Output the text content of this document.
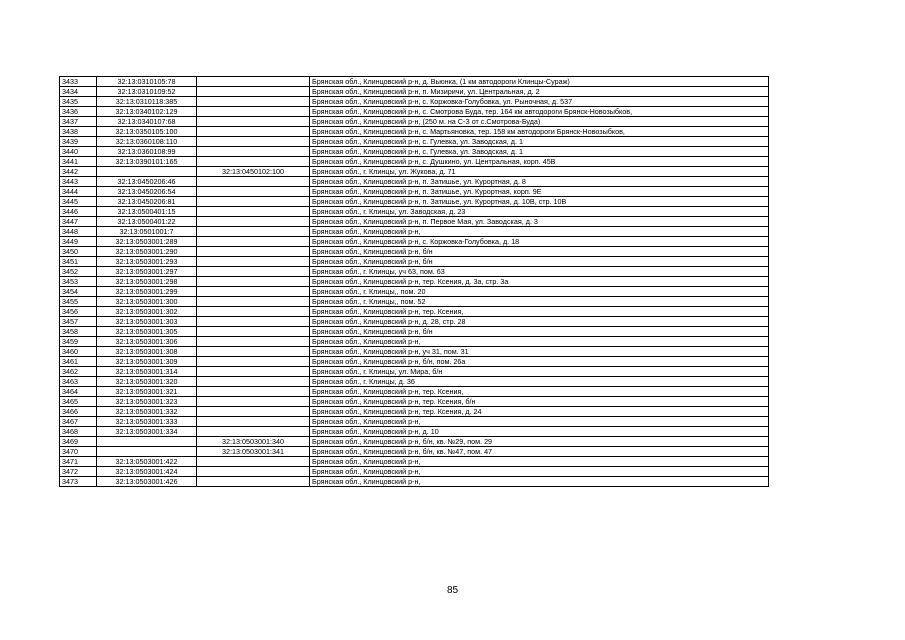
3433	32:13:0310105:78		Брянская обл., Клинцовский р-н, д. Вьюнка, (1 км автодороги Клинцы-Сураж)
3434	32:13:0310109:52		Брянская обл., Клинцовский р-н, п. Мизиричи, ул. Центральная, д. 2
3435	32:13:0310118:385		Брянская обл., Клинцовский р-н, с. Коржовка-Голубовка, ул. Рыночная, д. 537
3436	32:13:0340102:129		Брянская обл., Клинцовский р-н, с. Смотрова Буда, тер. 164 км автодороги Брянск-Новозыбков,
3437	32:13:0340107:68		Брянская обл., Клинцовский р-н, (250 м. на С-З от с.Смотрова-Буда)
3438	32:13:0350105:100		Брянская обл., Клинцовский р-н, с. Мартьяновка, тер. 158 км автодороги Брянск-Новозыбков,
3439	32:13:0360108:110		Брянская обл., Клинцовский р-н, с. Гулевка, ул. Заводская, д. 1
3440	32:13:0360108:99		Брянская обл., Клинцовский р-н, с. Гулевка, ул. Заводская, д. 1
3441	32:13:0390101:165		Брянская обл., Клинцовский р-н, с. Душкино, ул. Центральная, корп. 45В
3442		32:13:0450102:100	Брянская обл., г. Клинцы, ул. Жукова, д. 71
3443	32:13:0450206:46		Брянская обл., Клинцовский р-н, п. Затишье, ул. Курортная, д. 8
3444	32:13:0450206:54		Брянская обл., Клинцовский р-н, п. Затишье, ул. Курортная, корп. 9Е
3445	32:13:0450206:81		Брянская обл., Клинцовский р-н, п. Затишье, ул. Курортная, д. 10В, стр. 10В
3446	32:13:0500401:15		Брянская обл., г. Клинцы, ул. Заводская, д. 23
3447	32:13:0500401:22		Брянская обл., Клинцовский р-н, п. Первое Мая, ул. Заводская, д. 3
3448	32:13:0501001:7		Брянская обл., Клинцовский р-н,
3449	32:13:0503001:289		Брянская обл., Клинцовский р-н, с. Коржовка-Голубовка, д. 18
3450	32:13:0503001:290		Брянская обл., Клинцовский р-н, б/н
3451	32:13:0503001:293		Брянская обл., Клинцовский р-н, б/н
3452	32:13:0503001:297		Брянская обл., г. Клинцы, уч 63, пом. 63
3453	32:13:0503001:298		Брянская обл., Клинцовский р-н, тер. Ксения, д. 3а, стр. 3а
3454	32:13:0503001:299		Брянская обл., г. Клинцы,, пом. 20
3455	32:13:0503001:300		Брянская обл., г. Клинцы,, пом. 52
3456	32:13:0503001:302		Брянская обл., Клинцовский р-н, тер. Ксения,
3457	32:13:0503001:303		Брянская обл., Клинцовский р-н, д. 28, стр. 28
3458	32:13:0503001:305		Брянская обл., Клинцовский р-н, б/н
3459	32:13:0503001:306		Брянская обл., Клинцовский р-н,
3460	32:13:0503001:308		Брянская обл., Клинцовский р-н, уч 31, пом. 31
3461	32:13:0503001:309		Брянская обл., Клинцовский р-н, б/н, пом. 26а
3462	32:13:0503001:314		Брянская обл., г. Клинцы, ул. Мира, б/н
3463	32:13:0503001:320		Брянская обл., г. Клинцы, д. 36
3464	32:13:0503001:321		Брянская обл., Клинцовский р-н, тер. Ксения,
3465	32:13:0503001:323		Брянская обл., Клинцовский р-н, тер. Ксения, б/н
3466	32:13:0503001:332		Брянская обл., Клинцовский р-н, тер. Ксения, д. 24
3467	32:13:0503001:333		Брянская обл., Клинцовский р-н,
3468	32:13:0503001:334		Брянская обл., Клинцовский р-н, д. 10
3469		32:13:0503001:340	Брянская обл., Клинцовский р-н, б/н, кв. №29, пом. 29
3470		32:13:0503001:341	Брянская обл., Клинцовский р-н, б/н, кв. №47, пом. 47
3471	32:13:0503001:422		Брянская обл., Клинцовский р-н,
3472	32:13:0503001:424		Брянская обл., Клинцовский р-н,
3473	32:13:0503001:426		Брянская обл., Клинцовский р-н,
85
